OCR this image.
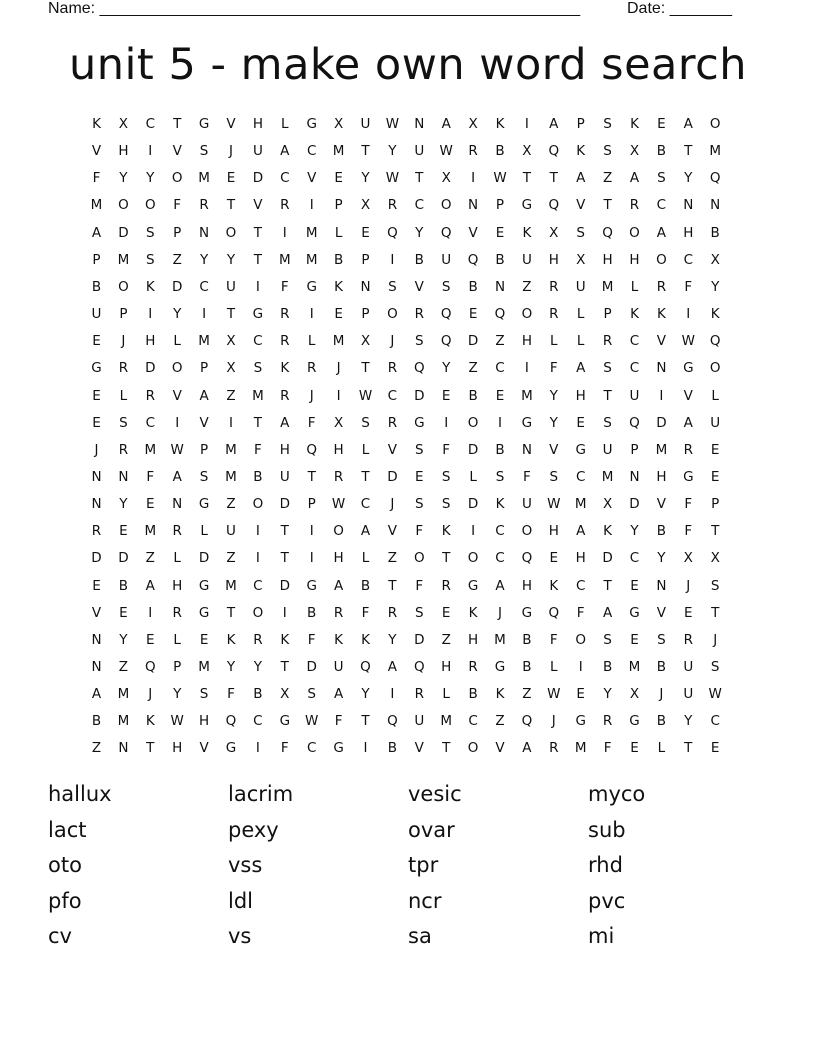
Name: ______________________________________________________	Date: _______
unit 5 - make own word search
K	X	C	T	G	V	H	L	G	X	U	W	N	A	X	K	I	A	P	S	K	E	A	O
V	H	I	V	S	J	U	A	C	M	T	Y	U	W	R	B	X	Q	K	S	X	B	T	M
F	Y	Y	O	M	E	D	C	V	E	Y	W	T	X	I	W	T	T	A	Z	A	S	Y	Q
M	O	O	F	R	T	V	R	I	P	X	R	C	O	N	P	G	Q	V	T	R	C	N	N
A	D	S	P	N	O	T	I	M	L	E	Q	Y	Q	V	E	K	X	S	Q	O	A	H	B
P	M	S	Z	Y	Y	T	M	M	B	P	I	B	U	Q	B	U	H	X	H	H	O	C	X
B	O	K	D	C	U	I	F	G	K	N	S	V	S	B	N	Z	R	U	M	L	R	F	Y
U	P	I	Y	I	T	G	R	I	E	P	O	R	Q	E	Q	O	R	L	P	K	K	I	K
E	J	H	L	M	X	C	R	L	M	X	J	S	Q	D	Z	H	L	L	R	C	V	W	Q
G	R	D	O	P	X	S	K	R	J	T	R	Q	Y	Z	C	I	F	A	S	C	N	G	O
E	L	R	V	A	Z	M	R	J	I	W	C	D	E	B	E	M	Y	H	T	U	I	V	L
E	S	C	I	V	I	T	A	F	X	S	R	G	I	O	I	G	Y	E	S	Q	D	A	U
J	R	M	W	P	M	F	H	Q	H	L	V	S	F	D	B	N	V	G	U	P	M	R	E
N	N	F	A	S	M	B	U	T	R	T	D	E	S	L	S	F	S	C	M	N	H	G	E
N	Y	E	N	G	Z	O	D	P	W	C	J	S	S	D	K	U	W	M	X	D	V	F	P
R	E	M	R	L	U	I	T	I	O	A	V	F	K	I	C	O	H	A	K	Y	B	F	T
D	D	Z	L	D	Z	I	T	I	H	L	Z	O	T	O	C	Q	E	H	D	C	Y	X	X
E	B	A	H	G	M	C	D	G	A	B	T	F	R	G	A	H	K	C	T	E	N	J	S
V	E	I	R	G	T	O	I	B	R	F	R	S	E	K	J	G	Q	F	A	G	V	E	T
N	Y	E	L	E	K	R	K	F	K	K	Y	D	Z	H	M	B	F	O	S	E	S	R	J
N	Z	Q	P	M	Y	Y	T	D	U	Q	A	Q	H	R	G	B	L	I	B	M	B	U	S
A	M	J	Y	S	F	B	X	S	A	Y	I	R	L	B	K	Z	W	E	Y	X	J	U	W
B	M	K	W	H	Q	C	G	W	F	T	Q	U	M	C	Z	Q	J	G	R	G	B	Y	C
Z	N	T	H	V	G	I	F	C	G	I	B	V	T	O	V	A	R	M	F	E	L	T	E
hallux	lacrim	vesic	myco
lact	pexy	ovar	sub
oto	vss	tpr	rhd
pfo	ldl	ncr	pvc
cv	vs	sa	mi
